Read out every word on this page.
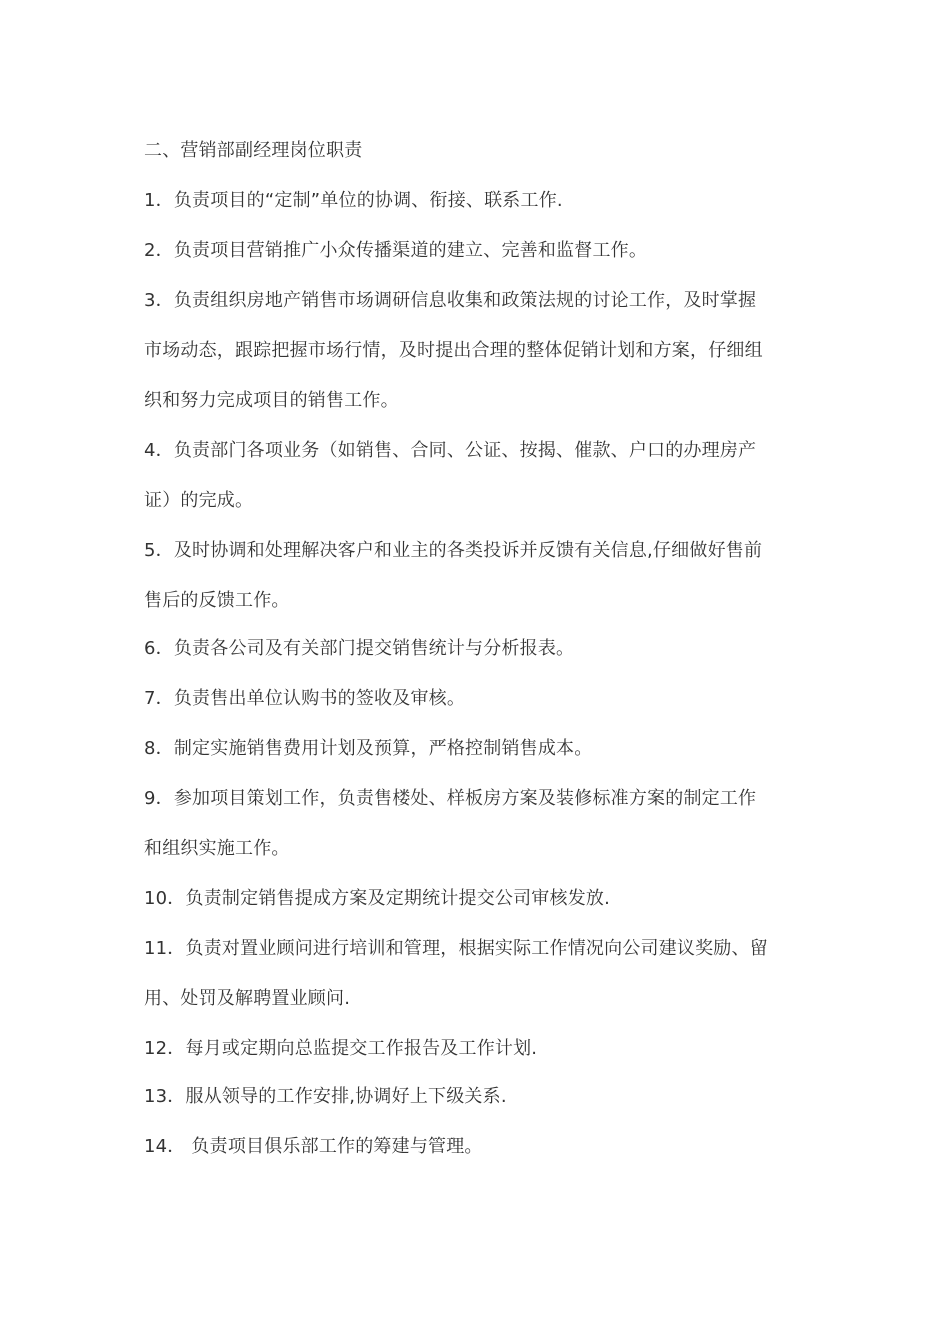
二、营销部副经理岗位职责
1．负责项目的“定制”单位的协调、衔接、联系工作.
2．负责项目营销推广小众传播渠道的建立、完善和监督工作。
3．负责组织房地产销售市场调研信息收集和政策法规的讨论工作，及时掌握
市场动态，跟踪把握市场行情，及时提出合理的整体促销计划和方案，仔细组
织和努力完成项目的销售工作。
4．负责部门各项业务（如销售、合同、公证、按揭、催款、户口的办理房产
证）的完成。
5．及时协调和处理解决客户和业主的各类投诉并反馈有关信息,仔细做好售前
售后的反馈工作。
6．负责各公司及有关部门提交销售统计与分析报表。
7．负责售出单位认购书的签收及审核。
8．制定实施销售费用计划及预算，严格控制销售成本。
9．参加项目策划工作，负责售楼处、样板房方案及装修标准方案的制定工作
和组织实施工作。
10．负责制定销售提成方案及定期统计提交公司审核发放.
11．负责对置业顾问进行培训和管理，根据实际工作情况向公司建议奖励、留
用、处罚及解聘置业顾问.
12．每月或定期向总监提交工作报告及工作计划.
13．服从领导的工作安排,协调好上下级关系.
14． 负责项目俱乐部工作的筹建与管理。
